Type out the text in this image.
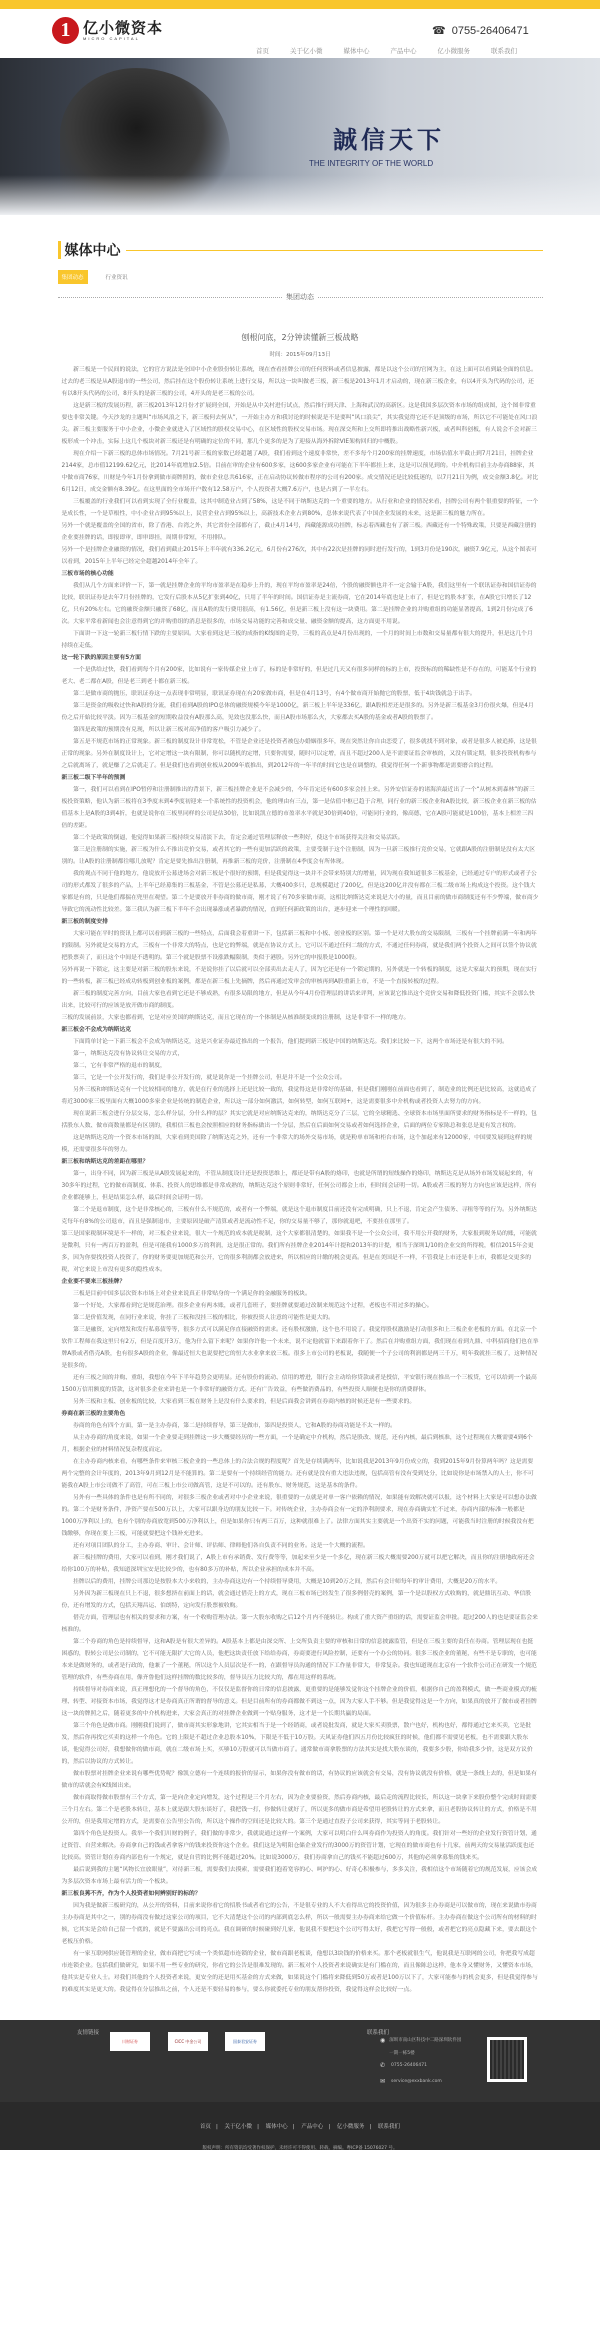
1 亿小微资本
MICRO CAPITAL
☎ 0755-26406471
首页	关于亿小微	媒体中心	产品中心	亿小微服务	联系我们
誠信天下
THE INTEGRITY OF THE WORLD
媒体中心
集团动态	行业资讯
集团动态
刨根问底，2分钟读懂新三板战略
时间：2015年09月13日

新三板是一个民间的说法，它的官方说法是全国中小企业股份转让系统，现在查看挂牌公司的任何资料或者信息披露，都是以这个公司的官网为主，在这上面可以看到最全面的信息。过去的老三板是从A股退市的一些公司，然后挂在这个股份转让系统上进行交易，所以这一块叫做老三板，新三板是2013年1月才启动的，现在新三板企业，有以4开头为代码的公司，还有以8开头代码的公司，8开头的是新三板的公司，4开头的是老三板的公司。

这是新三板的发展历程，新三板2013年12月份才扩展到全国，开始是从中关村进行试点，然后推行到天津、上海和武汉的高新区。这是我国多层次资本市场的组成图，这个图非常重要也非常关键。今天沙龙的主题叫“市场风浪之下，新三板何去何从”，一开始主办方和我讨论的时候说是不是要叫“风口浪尖”，其实我觉得它还不是顶级的市场，所以它不可能处在风口浪尖。新三板主要服务于中小企业，小微企业就进入了区域性的股权交易中心，在区域性的股权交易市场。现在深交所和上交所即将推出战略性新兴板，或者叫科创板，有人说会不会对新三板形成一个冲击，实际上这几个板块对新三板还是有明确的定位的不同，那几个更多的是为了迎接从海外拆除VIE架构回归的中概股。

现在介绍一下新三板的总体市场情况。7月21号新三板的家数已经超越了A股，我们看到这个速度非常快，差不多每个月200家的挂牌速度，市场估值水平截止到7月21日，挂牌企业2144家，总市值12199.62亿元，比2014年底增加2.5倍。目前在审的企业有600多家，这600多家企业有可能在下半年都挂上来，这是可以预见到的。中介机构目前主办券商88家，其中做市商76家，川财是今年1月份拿到做市商牌照的，做市企业总共616家，正在启动协议转做市程序的公司有200家。成交情况还是比较低迷的，以7月21日为例，成交金额3.8亿。对比6月12日，成交金额有8.39亿。在这里面的全市场开户数有12.58万户，个人投资者大概7.6万户，也是占到了一半左右。

三板覆盖的行业我们可以看到实现了全行业覆盖，这其中制造业占到了58%，这是不同于纳斯达克的一个重要的地方。从行业和企业的情况来看，挂牌公司有两个很重要的特征，一个是成长性，一个是草根性，中小企业占到95%以上，民营企业占到95%以上，高新技术企业占到80%，总体来说代表了中国企业发展的未来，这是新三板的魅力所在。

另外一个就是覆盖的全国的省市，除了香港、台湾之外，其它省份全部都有了，截止4月14号，西藏能源成功挂牌，标志着西藏也有了新三板。西藏还有一个特殊政策，只要是西藏注册的企业要挂牌的话，即报即审，即审即挂，周期非常短，不用排队。

另外一个是挂牌企业融资的情况，我们看到截止2015年上半年就有336.2亿元，6月份有276次，其中有22次是挂牌的同时进行发行的，1到3月份是190次，融资7.9亿元，从这个图表可以看到，2015年上半年已经完全超越2014年全年了。

三板市场的核心功能

我们从几个方面来评价一下，第一就是挂牌企业的平均市盈率是在稳步上升的，现在平均市盈率是24倍，个股的融资额也并不一定会输于A股，我们这里有一个联讯证券和国信证券的比较，联讯证券是去年7月份挂牌的，它发行后股本从5亿扩张到40亿，只用了半年的时间。国信证券是主流券商，它在2014年底也是上市了，但是它的股本扩张，在A股它只增长了12亿，只有20%左右。它的融资金额只融资了68亿，而且A股的发行费用很高，有1.56亿，但是新三板上没有这一块费用。第二是挂牌企业的并购重组的功能显著提高，1到2月份完成了6次。大家平常看新闻也会注意得到它的并购重组的消息是很多的，市场交易功能的完善和成交量、融资金额的提高，这方面更不用说。

下面讲一下这一轮新三板行情下跌的主要原因。大家看到这是三板的成指的K线图的走势，三板的高点是4月份出现的，一个月的时间上市数和交易量都有很大的提升，但是这几个月持续在走低。

这一轮下跌的原因主要有5方面

一个是供给过快，我们看到每个月有200家，比如说有一家传媒企业上市了，标的是非常好的，但是过几天又有很多同样的标的上市，投资标的的稀缺性是不存在的，可能某个行业的老大、老二都在A股，但是老三到老十都在新三板。

第二是做市商的抛压，联讯证券这一点表现非常明显，联讯证券现在有20家做市商，但是在4月13号，有4个做市商开始抛它的股票，低于4块钱就急于出手。

第三是资金的吸收过快和A股的分流，我们看到A股的IPO总体的融资规模今年是1000亿，新三板上半年是336亿，跟A股相差还是很多的。另外是新三板基金3月份很火爆，但是4月份之后开始比较平淡。因为三板基金的短期收益没有A股那么高，见效也没那么快，而且A股市场那么火，大家都去买A股的基金或者A股的股票了。

第四是政策的预期没有兑现，所以让新三板对高净值的客户吸引力减少了。

第五是不规范市场的正常现象。新三板的制度设计非常宽松，不管是企业还是投资者被包办婚姻很多年，现在突然让你自由恋爱了，很多就找不到对象，或者是很多人被追捧，这是很正常的现象。另外在制度设计上，它对定增这一块有限制，你可以随机的定增，只要你需要，随时可以定增，而且不超过200人是不需要证监会审核的，又没有锁定期，很多投资机构参与之后就离场了，就是赚了之后就走了。但是我们也看到创业板从2009年底推出，到2012年的一年半的时间它也是在调整的，我觉得任何一个新事物都是需要磨合的过程。

新三板二级下半年的预测

第一，我们可以看到在IPO暂停和注册制推出的背景下，新三板挂牌企业是不会减少的，今年肯定还有600多家会挂上来。另外安信证券的诸海滨最近出了一个“从树木到森林”的新三板投资策略，他认为新三板将在3季度末到4季度初迎来一个系统性的投资机会，他的理由有三点，第一是估值中枢已趋于合理，同行业的新三板企业和A股比较，新三板企业在新三板的估值基本上是A股的3到4折，也就是说你在三板里同样的公司是估30倍，比如说凯立德的市盈率水平就是30倍到40倍，可能同行业的，像高德，它在A股可能就是100倍，基本上相差三四倍的差距。

第二个是政策的倒逼，他觉得如果新三板持续交易清淡下去，肯定会通过管理层释放一些利好，使这个市场获得关注和交易活跃。

第三是注册制的实施，新三板为什么不推出竞价交易，或者其它的一些有更加活跃的政策，主要受制于这个注册制，因为一旦新三板推行竞价交易，它就跟A股的注册制是没有太大区别的。让A股的注册制都往哪儿放呢？肯定是要先推出注册制，再推新三板的竞价，注册制在4季度会有所体现。

我的观点不同于他的地方，他说放开公募进场会对新三板是个很好的预期，但是我觉得这一块并不会带来特别大的增量，因为现在我知道很多三板基金，已经通过专户的形式或者子公司的形式都发了很多的产品，上半年已经募集的三板基金，不管是公募还是私募，大概400多只，总规模超过了200亿，但是这200亿并没有都在三板二级市场上构成这个投资。这个钱大家都是有的，只是他们都揣在兜里在观望。第二个是要放开非券商的做市商，刚才说了有70多家做市商，这相比纳斯达克来说是大小的量，而且目前的做市商制度还有不少弊端，做市商少导致它的流动性比较差。第三我认为新三板下半年不会出现暴涨或者暴跌的情况，直到任何新政策的出台，逐步迎来一个理性的回暖。

新三板的制度安排

大家可能在平时的资讯上都可以看到新三板的一些特点，后面我会着重讲一下，包括新三板和中小板、创业板的区别。第一个是对大股东的交易限制，三板有一个挂牌前满一年和两年的限制。另外就是交易的方式，三板有一个非常大的特点，也是它的弊端，就是在协议方式上，它可以不通过任何二级的方式，不通过任何券商，就是我们两个投资人之间可以签个协议就把股票卖了，而且这个中间是不透明的。第三个就是股票不设涨跌幅限制，类似于港股。另外它的申报股是1000股。

另外再说一下锁定，这主要是对新三板的股东来说，不是说你挂了以后就可以全部卖出去走人了，因为它还是有一个锁定期的，另外就是一个转板的制度，这是大家最大的预期，现在实行的一些转板，新三板已经成功转板到创业板的案例，都是在新三板上先摘牌，然后再通过发审会的审核再到A股重新上市，不是一个直接转板的过程。

新三板的制度完善方向，目前大家也看到它还是不够成熟，有很多局限的地方，但是从今年4月份管理层的讲话来评判，应该说它推出这个竞价交易和降低投资门槛，其实不会那么快出来，比较可行的应该是放开做市商的制度。

三板的发展前景，大家也都看到，它是对应美国的纳斯达克，而且它现在的一个体制是从核准制变成的注册制，这是非常不一样的地方。

新三板会不会成为纳斯达克

下面简单讨论一下新三板会不会成为纳斯达克，这是兴业证券最近推出的一个报告，他们提到新三板是中国的纳斯达克。我们来比较一下，这两个市场还是有很大的不同。

第一，纳斯达克没有协议转让交易的方式，

第二，它有非常严格的退市的制度，

第三，它是一个公开发行的，我们是非公开发行的，就是说你是一个挂牌公司，但是并不是一个公众公司。

另外三板和纳斯达克有一个比较相同的地方，就是在行业的选择上还是比较一致的，我觉得这是非常好的基础，但是我们刚刚在前面也看到了，制造业的比例还是比较高，这就造成了将近3000家三板里面有大概1000多家企业是传统的制造企业，所以这一部分如何激活，如何转型，如何互联网+，这是需要很多中介机构或者投资人去努力的方向。

现在说新三板会进行分层交易，怎么样分层，分什么样的层？其实它就是对应纳斯达克来的，纳斯达克分了三层，它的全球精选、全球资本市场里面所要求的财务指标是不一样的，包括股东人数、做市商数量都是有区别的，我相信三板也会按照相应的财务指标做出一个分层，然后在后面如何交易或者如何选择企业，后面的两位专家陈总和张总是更有发言权的。

这是纳斯达克的一个资本市场的图，大家看到美国除了纳斯达克之外，还有一个非常大的场外交易市场，就是粉单市场和柜台市场，这个加起来有12000家，中国要发展到这样的规模，还需要很多年的努力。

新三板和纳斯达克的差距在哪里？

第一，出身不同，因为新三板是从A股发展起来的，不管从制度设计还是投资思维上，都还是带有A股的烙印，也就是所谓的短线操作的烙印，纳斯达克是从场外市场发展起来的，有30多年的过程，它的做市商制度、体系、投资人的思维都是非常成熟的，纳斯达克这个原则非常好，任何公司都会上市，但时间会证明一切。A股或者三板的努力方向也应该是这样，所有企业都能够上，但是结果怎么样，最后时间会证明一切。

第二个是退市制度，这个是非常核心的，三板有什么不规范的，或者有一个弊端，就是这个退市制度目前还没有完成明确，只上不退，肯定会产生债务、寻租等等的行为。另外纳斯达克每年有8%的公司退市，而且是强制退市，主要原因是破产清算或者是流动性不足，你的交易量不够了，那你就退吧，不要挂在那里了。

第三是国家税制环境是不一样的，对三板企业来说，很大一个规范的成本就是税制，这个大家都很清楚的，如果我不是一个公众公司，我不用公开我的财务，大家报到税务局的账，可能就是微利，只有一两百万的盈利，但是可能我有1000多万的利润，这是很正常的。我们所有挂牌企业2014年计提和2013年的计提，相当于深圳1/10的企业交的所得税，相信2015年会更多，因为你要找投资人投资了，你的财务要更加规范和公开，它的很多利润都会放进来，所以相应的计缴的税会更高。但是在美国是不一样，不管我是上市还是非上市，我都是交更多的税，对它来说上市没有更多的隐性成本。

企业要不要来三板挂牌？

三板是目前中国多层次资本市场上对企业来说真正非常贴身的一个满足你的金融服务的板块。

第一个好处，大家都看到它是规范治理。很多企业有两本账，或者几套班子，要挂牌就要通过改制来规范这个过程，老板也不用过多的操心。

第二是价值发现，在同行业来说，你挂了三板和没挂三板的相比，你被投资人注意的可能性是更大的。

第三是融资，定向增发和发行私募债等等，很多方式可以满足你直接融资的需求。还有股权激励，这个也不用说了。我觉得股权激励是打动很多和上三板企业老板的方面。在北京一个软件工程师在我这里只有2万，但是百度开3万，他为什么留下来呢？如果你许他一个未来，说不定他就留下来跟着你干了。然后在并购重组方面，我们现在看到九鼎、中科招商他们也在举牌A股或者借壳A股，也有很多A股的企业，像最近恒大也说要把它的恒大水业拿来放三板。很多上市公司的老板说，我随便一个子公司的利润都是两三千万，明年我就挂三板了，这种情况是很多的。

还有三板之间的并购、重组，我想在今年下半年趋势会更明显。还有股份的流动、信用的增进，银行会主动给你贷款或者是授信，平安银行现在推出一个三板贷，它可以给到一个最高1500万信用额度的贷款，这对很多企业来讲也是一个非常好的融资方式。还有广告效益，有些做消费品的，有些投资人顺便也是你的消费群体。

另外三板和主板、创业板的比较，大家看到三板在财务上是没有什么要求的，但是后面我会讲到在券商内核的时候还是有一些要求的。

券商在新三板的主要角色

券商的角色有四个方面，第一是主办券商，第二是持续督导，第三是做市，第四是投资人，它和A股的券商功能是不太一样的。

从主办券商的角度来说，如果一个企业要走到挂牌这一步大概要经历的一些方面，一个是确定中介机构，然后是股改、规范，还有内核，最后到核准，这个过程现在大概需要4到6个月，根据企业的材料情况复杂程度而定。

在主办券商内核来看，有哪些条件来审核三板企业的一些总体上的合法合规的程度呢？首先是存续满两年，比如说我是2013年9月份成立的，我到2015年9月份算两年吗？这是需要两个完整的会计年度的，2013年9月到12月是不能算的。第二是要有一个持续经营的能力。还有就是没有重大违法违规，包括高管有没有受到处分，比如说你是市场禁入的人士，你不可能我在A股上市公司做不了高管，可在三板上市公司做高管，这是不可以的。还有股东、财务规范，这是基本的条件。

另外有一些具体的条件也是有所不同的，对很多三板企业或者对中小企业来说，很重要的一点就是对单一客户依赖的情况，如果能有效解决就可以报，这个材料上大家是可以想办法做的。第二个是财务条件，净资产要在500万以上，大家可以跟身边的朋友比较一下。对传统企业，主办券商会有一定的净利润要求，现在券商确实忙不过来，券商内部的标准一般都是1000万净利以上的，也有个别的券商放宽到500万净利以上，但是如果你只有两三百万，这种就很难上了。法律方面其实主要就是一个出资不实的问题，可能我当时注册的时候我没有把钱缴够，你现在要上三板，可能就要把这个钱补充进来。

还有对项目团队的分工，主办券商、审计、会计师、评估师、律师他们各自负责不同的业务。这是一个大概的流程。

新三板挂牌的费用，大家可以看到，刚才我们说了，A股上市有承销费、发行费等等，加起来至少是一个多亿，现在新三板大概需要200万就可以把它解决，而且你的注册地政府还会给你100万的补贴，我知道深圳宝安是比较少的，也有80多万的补贴，所以企业承担的成本并不高。

挂牌以后的费用，挂牌公司那边是按股本大小来收的，主办券商这边有一个持续督导费用，大概是10到20万之间，然后有会计师每年的审计费用，大概是20万的水平。

另外因为新三板现在只上不退，很多想挤在前面上的话，就会通过借壳上的方式，现在三板市场已经发生了很多例借壳的案例，第一个是以股权方式收购的，就是鼎讯互动、华信股份，还有增发的方式，包括天翔昌运、伯朗特，定向发行股票被收购。

借壳方面，管理层也有相关的要求和方案，有一个收购管理办法。第一大股东收购之后12个月内不能转让。构成了重大资产重组的话，需要证监会审批。超过200人的也是要证监会来核准的。

第二个券商的角色是持续督导，这和A股是有很大差异的。A股基本上都是由深交所、上交所负责主要的审核和日常的信息披露监管，但是在三板主要的责任在券商。管理层现在也挺困惑的，股转公司是公司制的，它不可能无限扩大它的人员，他把这块责任放下给给券商，券商要进行风险控制，还要有一个办公的协同。很多三板企业的董秘，有些不是专职的，也可能本来是做财务的，或者是行政的，他兼了一个董秘，所以这个人员层次是不一的，在跟督导员沟通的情况下工作量非常大，非常复杂。我也知道现在北京有一个软件公司正在研发一个规范管理的软件，有些券商在用，像齐鲁他们这样挂牌的数比较多的，督导员压力比较大的，都在用这样的系统。

持续督导对券商来说，真正理想化的一个督导的角色，不仅仅是监督你的日常的信息披露，更重要的是能够发觉你这个挂牌企业的价值，根据你自己的盈利模式，做一些商业模式的梳理、转型、对接资本市场，我觉得这才是券商真正所谓的督导的意义。但是目前所有的券商都做不到这一点，因为大家人手不够。但是我觉得这是一个方向，如果真的放开了做市或者挂牌这一块的牌照之后，随着更多的中介机构进来，大家会真正的对挂牌企业做到一个贴身服务，这才是一个长期共赢的局面。

第三个角色是做市商。刚刚我们说到了，做市商其实形象地讲，它其实相当于是一个经销商，或者说批发商，就是大家买卖股票，散户也好，机构也好，都得通过它来买卖，它是批发，然后你再找它买卖的这样一个角色。它的上限是不超过企业总股本10%，下限是不低于10万股。天风证券他们四五月份比较疯狂的时候，他们都不需要见老板，也不需要跟大股东谈，他觉得公司好，我想做你的做市商，就在二级市场上买，买够10万股就可以当做市商了。通常做市商拿股票的方法其实是找大股东谈的，我要多少股，你给我多少价，这是双方议价的，然后以协议的方式转让。

做市股票对挂牌企业来说有哪些优势呢？像凯立德有一个连续的报价的显示，如果你没有做市的话，有协议的应该就会有交易，没有协议就没有价格，就是一条线上去的，但是如果有做市的话就会有K线图出来。

做市商取得做市股票有三个方式，第一是向企业定向增发，这个过程是三个月左右，因为企业要验资，然后券商内核，最后走的流程比较长，所以这一块拿下来股份整个完成时间需要三个月左右。第二个是老股本转让，基本上就是跟大股东谈好了，我把钱一打，你做转让就好了，所以更多的做市商是希望用老股转让的方式来拿，而且老股协议转让的方式，价格是不用公开的，但是我用定增的方式，是需要在公告里公告的，所以这个操作的空间还是比较大的。第三个是通过直投子公司来获得，其实等同于老股转让。

第四个角色是投资人。我举一个我们川财的例子，我们做的非常少，我就说通过这样一个案例，大家可以明白什么叫券商作为投资人的角度。我们针对一些好的企业发行资管计划，通过资管、自营来解决。券商拿自己的钱或者拿客户的钱来投资你这个企业。我们这是为明阳仓储企业发行的3000万的资管计划，它现在的做市商也有十几家，前两天的交易量活跃度也还比较高。资管计划在券商内部也有一个规定，就是自营的比例不能超过20%。比如说3000万，我们券商拿自己的钱买不能超过600万，其他的必须拿募集的钱来买。

最后说到我的主题“风物长宜放眼量”，对待新三板，需要我们去摸索，需要我们抱着宽容的心、呵护的心、好奇心积极参与，多多关注，我相信这个市场随着它的规范发展，应该会成为多层次资本市场上最有活力的一个板块。

新三板良莠不齐，作为个人投资者如何辨别好的标的？

因为我是做新三板研究的，从公开的资料，目前来说你看它的招股书或者看它的公告，不是很专业的人不大看得出它的投资价值，因为很多主办券商是可以做市的，现在来说做市券商主办券商是其中之一，别的券商没有做过这家公司的项目，它不大清楚这个公司的内部到底怎么样，所以一般需要主办券商来给它做一个价值标杆。主办券商在做这个公司所有的材料的时候，它其实是会给自己留一个底的，就是不要露出公司的亮点。我在调研的时候碰到好几家，他说我不要把这个公司写得太好，我把它写得一般般，或者把它的亮点隐藏下来，要去跟这个老板压价格。

有一家互联网供应链管理的企业，做市商把它写成一个类似超市连锁的企业，做市商跟老板谈，他想以3块钱的价格来买。那个老板就很生气，他说我是互联网的公司，你把我写成超市连锁企业。包括我们做研究，如果不用一些专业的研究，你看它的公告是很难发现的。新三板对个人投资者来说确实是有门槛在的，而且像陈总这样，他本身又懂财务，又懂资本市场，他其实是专业人士。对我们其他的个人投资者来说，更安全的还是用买基金的方式来做，如果说这个门槛将来降低到50万或者是100万以下了，大家可能参与的机会更多，但是我觉得参与的难度其实是更大的。我觉得在分层推出之前，个人还是不要轻易的参与，要么你就委托专业的朋友帮你投资，我觉得这样会比较好一点。

友情链接	联系我们
川财证券	CICC 中金公司	国泰君安证券	◉ 深圳市南山区科技中二路深圳软件园一期一栋5楼
✆	0755-26406471
✉	service@exxbank.com
首页 | 关于亿小微 | 媒体中心 | 产品中心 | 亿小微服务 | 联系我们
版权声明：所有资讯均受著作权保护，未经许可不得使用、转载、摘编。粤ICP备 15076027 号。
